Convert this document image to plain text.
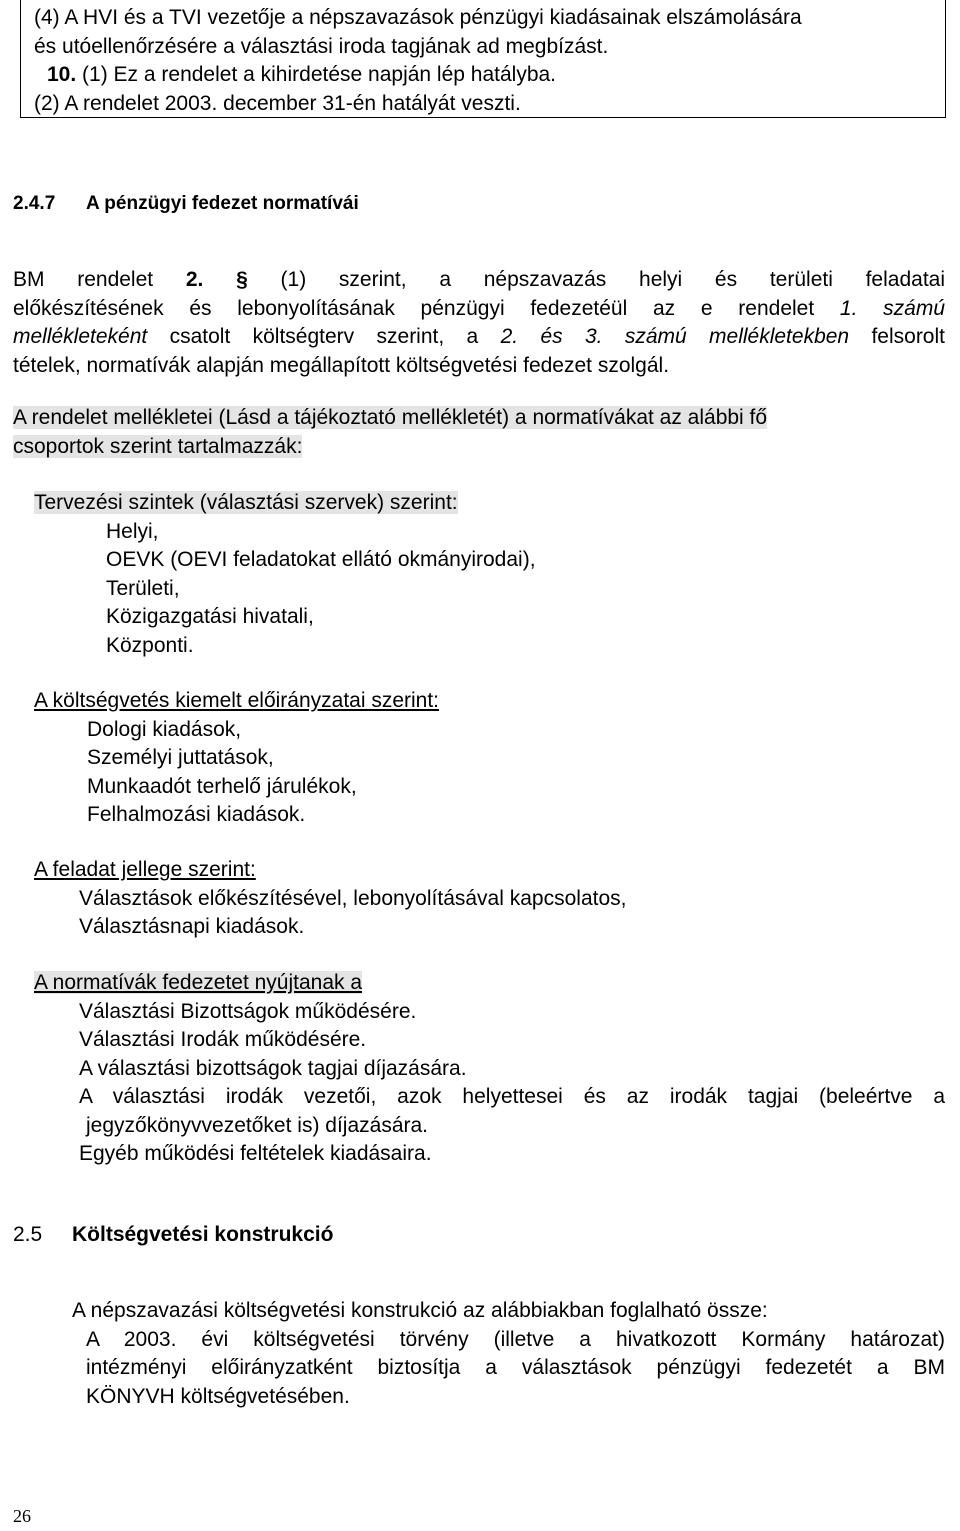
(4) A HVI és a TVI vezetője a népszavazások pénzügyi kiadásainak elszámolására
és utóellenőrzésére a választási iroda tagjának ad megbízást.
10. (1) Ez a rendelet a kihirdetése napján lép hatályba.
(2) A rendelet 2003. december 31-én hatályát veszti.
2.4.7 A pénzügyi fedezet normatívái
BM rendelet 2. § (1) szerint, a népszavazás helyi és területi feladatai
előkészítésének és lebonyolításának pénzügyi fedezetéül az e rendelet 1. számú
mellékleteként csatolt költségterv szerint, a 2. és 3. számú mellékletekben felsorolt
tételek, normatívák alapján megállapított költségvetési fedezet szolgál.
A rendelet mellékletei (Lásd a tájékoztató mellékletét) a normatívákat az alábbi fő
csoportok szerint tartalmazzák:
Tervezési szintek (választási szervek) szerint:
Helyi,
OEVK (OEVI feladatokat ellátó okmányirodai),
Területi,
Közigazgatási hivatali,
Központi.
A költségvetés kiemelt előirányzatai szerint:
Dologi kiadások,
Személyi juttatások,
Munkaadót terhelő járulékok,
Felhalmozási kiadások.
A feladat jellege szerint:
Választások előkészítésével, lebonyolításával kapcsolatos,
Választásnapi kiadások.
A normatívák fedezetet nyújtanak a
Választási Bizottságok működésére.
Választási Irodák működésére.
A választási bizottságok tagjai díjazására.
A választási irodák vezetői, azok helyettesei és az irodák tagjai (beleértve a
jegyzőkönyvvezetőket is) díjazására.
Egyéb működési feltételek kiadásaira.
2.5 Költségvetési konstrukció
A népszavazási költségvetési konstrukció az alábbiakban foglalható össze:
A 2003. évi költségvetési törvény (illetve a hivatkozott Kormány határozat)
intézményi előirányzatként biztosítja a választások pénzügyi fedezetét a BM
KÖNYVH költségvetésében.
26
